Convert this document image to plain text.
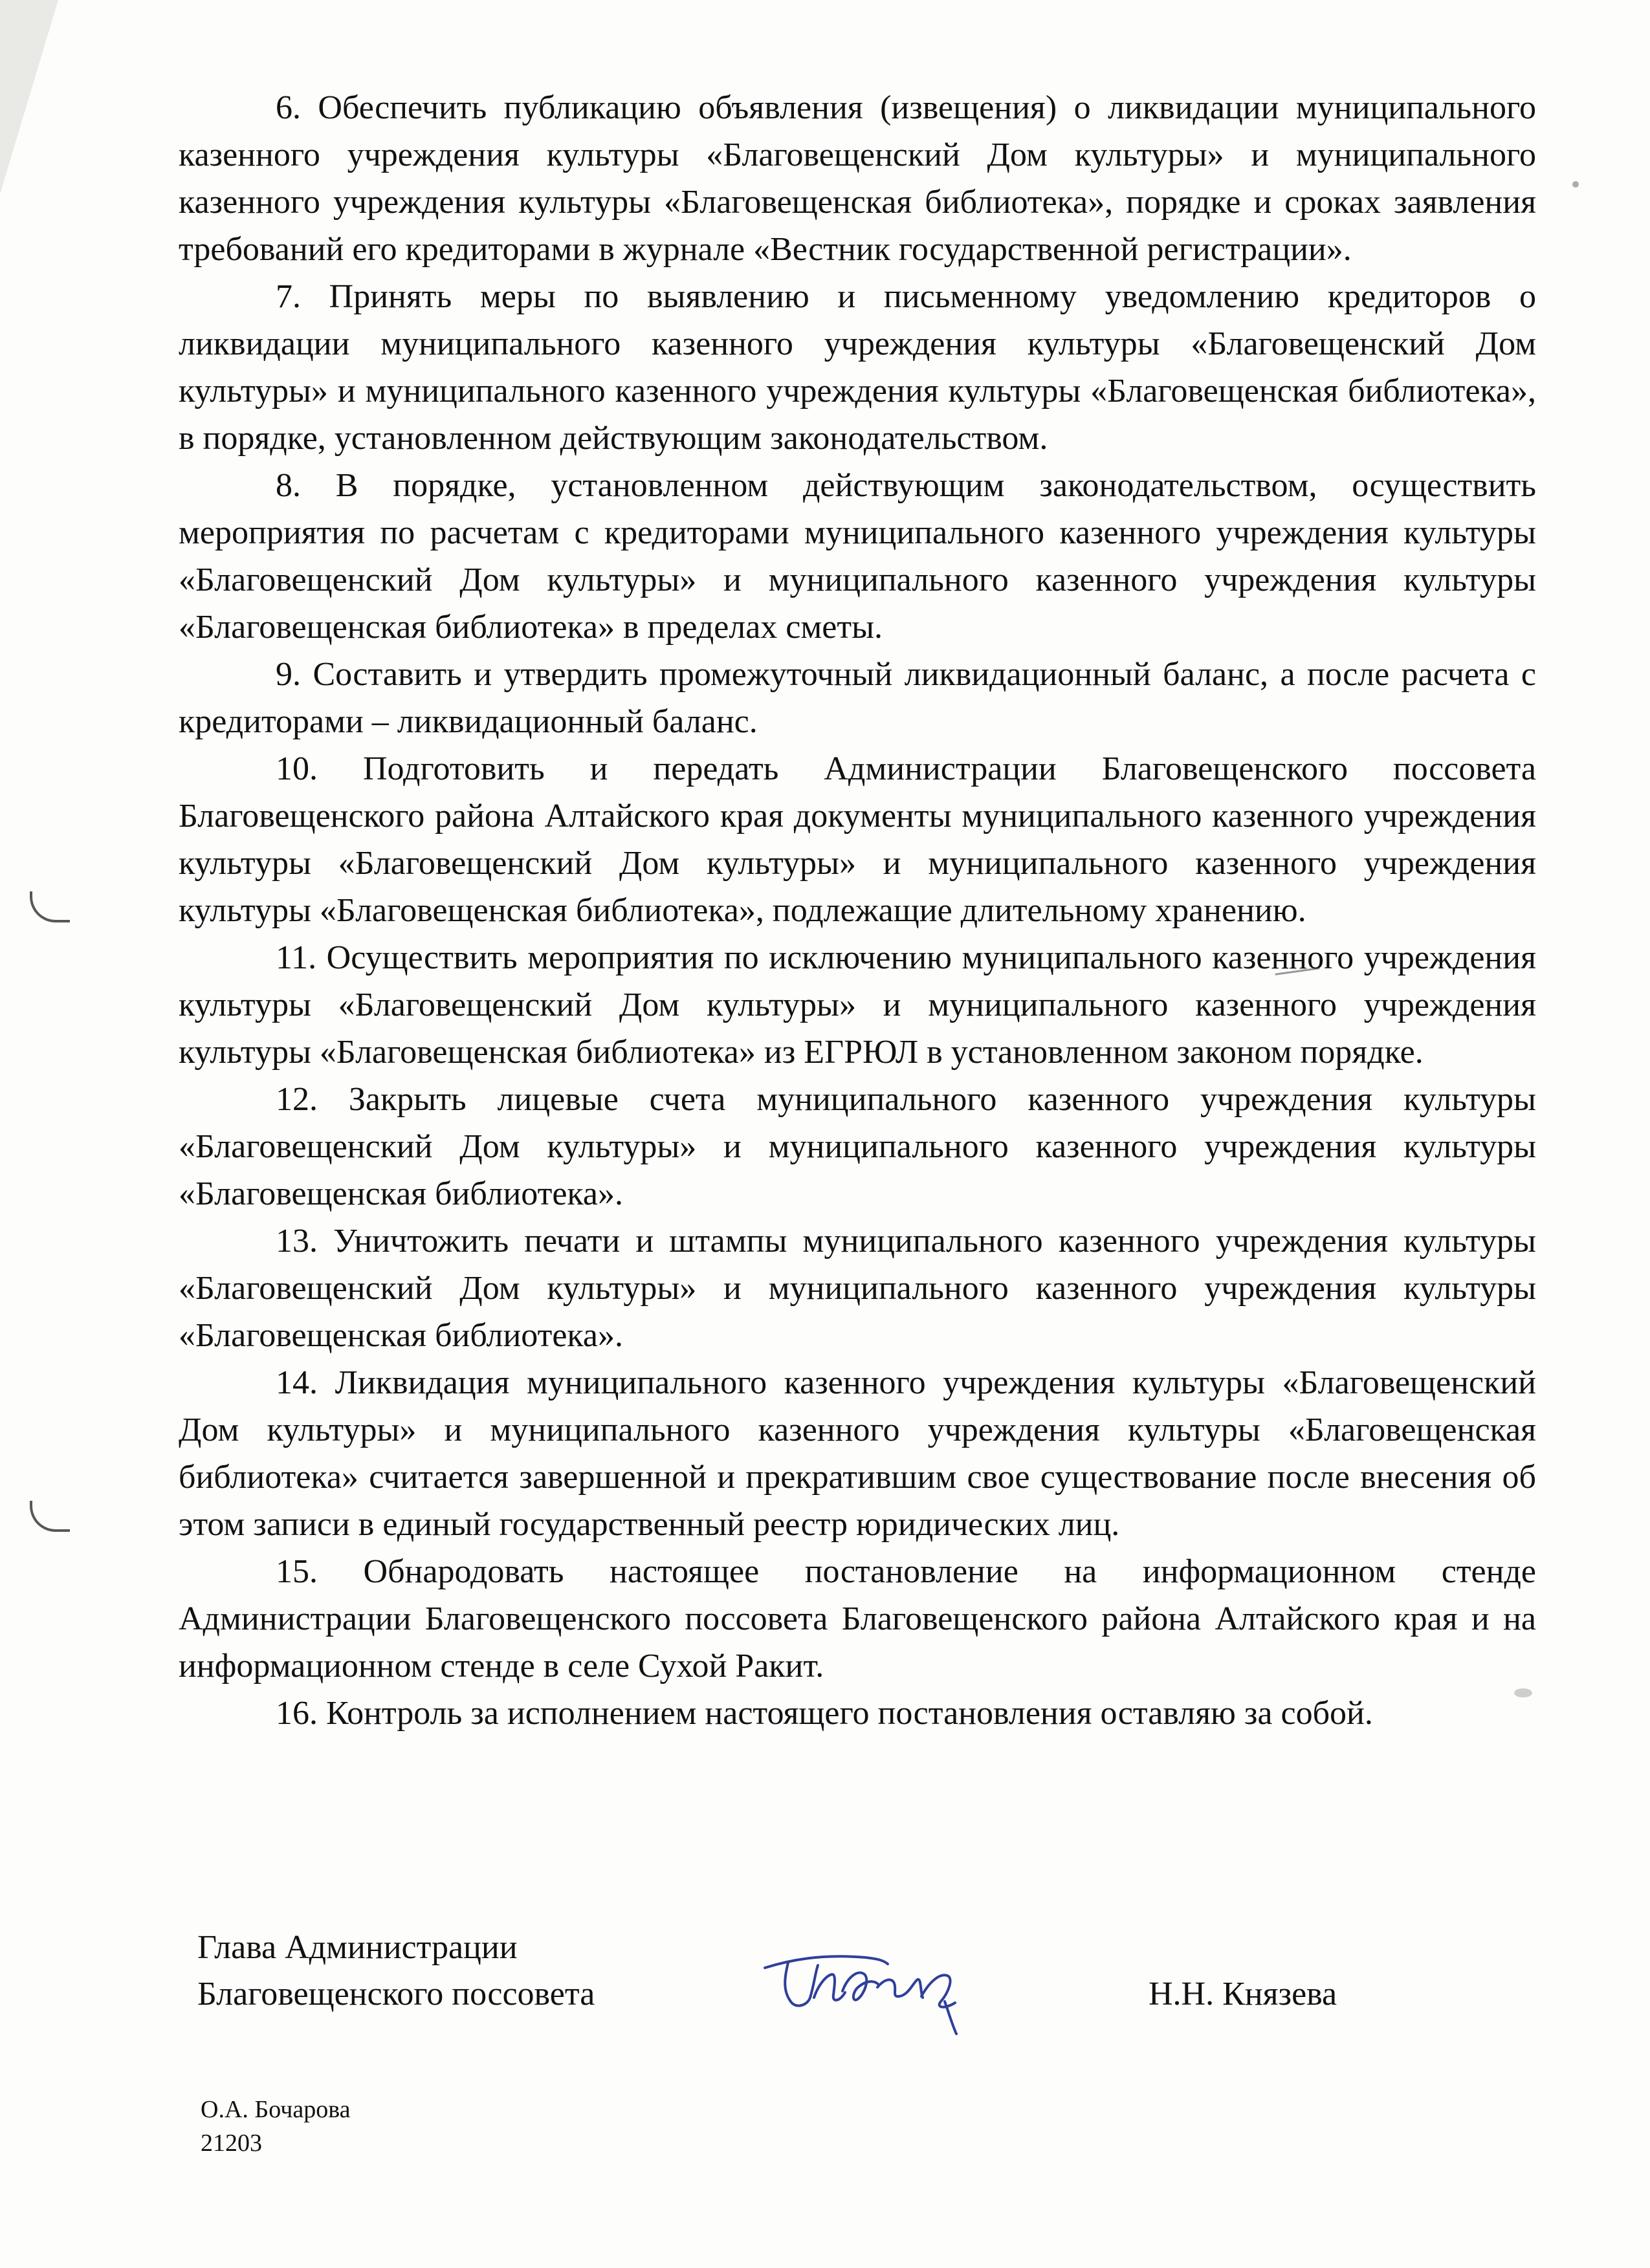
6. Обеспечить публикацию объявления (извещения) о ликвидации муниципального казенного учреждения культуры «Благовещенский Дом культуры» и муниципального казенного учреждения культуры «Благовещенская библиотека», порядке и сроках заявления требований его кредиторами в журнале «Вестник государственной регистрации».

7. Принять меры по выявлению и письменному уведомлению кредиторов о ликвидации муниципального казенного учреждения культуры «Благовещенский Дом культуры» и муниципального казенного учреждения культуры «Благовещенская библиотека», в порядке, установленном действующим законодательством.

8. В порядке, установленном действующим законодательством, осуществить мероприятия по расчетам с кредиторами муниципального казенного учреждения культуры «Благовещенский Дом культуры» и муниципального казенного учреждения культуры «Благовещенская библиотека» в пределах сметы.

9. Составить и утвердить промежуточный ликвидационный баланс, а после расчета с кредиторами – ликвидационный баланс.

10. Подготовить и передать Администрации Благовещенского поссовета Благовещенского района Алтайского края документы муниципального казенного учреждения культуры «Благовещенский Дом культуры» и муниципального казенного учреждения культуры «Благовещенская библиотека», подлежащие длительному хранению.

11. Осуществить мероприятия по исключению муниципального казенного учреждения культуры «Благовещенский Дом культуры» и муниципального казенного учреждения культуры «Благовещенская библиотека» из ЕГРЮЛ в установленном законом порядке.

12. Закрыть лицевые счета муниципального казенного учреждения культуры «Благовещенский Дом культуры» и муниципального казенного учреждения культуры «Благовещенская библиотека».

13. Уничтожить печати и штампы муниципального казенного учреждения культуры «Благовещенский Дом культуры» и муниципального казенного учреждения культуры «Благовещенская библиотека».

14. Ликвидация муниципального казенного учреждения культуры «Благовещенский Дом культуры» и муниципального казенного учреждения культуры «Благовещенская библиотека» считается завершенной и прекратившим свое существование после внесения об этом записи в единый государственный реестр юридических лиц.

15. Обнародовать настоящее постановление на информационном стенде Администрации Благовещенского поссовета Благовещенского района Алтайского края и на информационном стенде в селе Сухой Ракит.

16. Контроль за исполнением настоящего постановления оставляю за собой.

Глава Администрации
Благовещенского поссовета	Н.Н. Князева
О.А. Бочарова
21203
